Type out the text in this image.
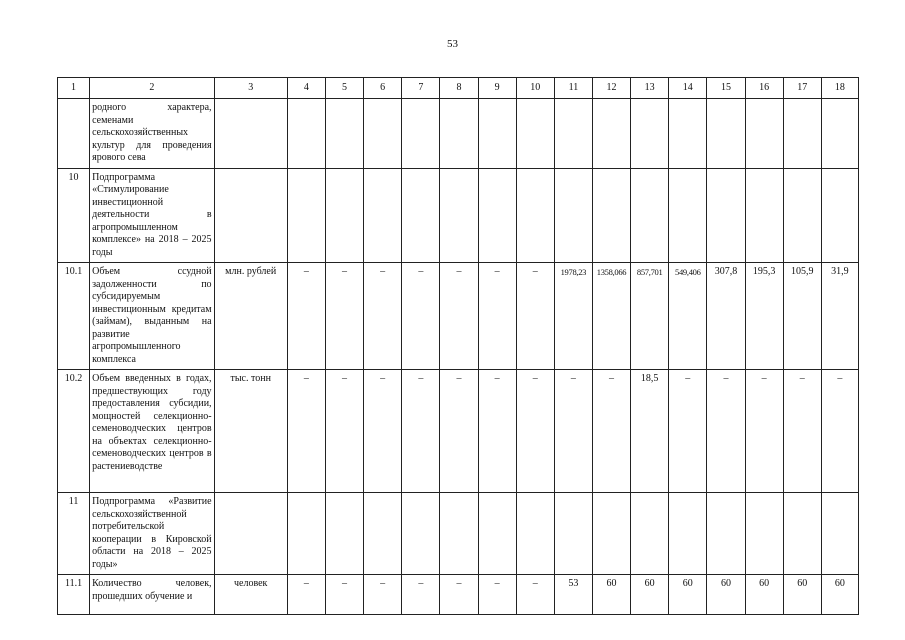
53
1	2	3	4	5	6	7	8	9	10	11	12	13	14	15	16	17	18
	родного характера, семенами сельскохозяйственных культур для проведения ярового сева																
10	Подпрограмма «Стимулирование инвестиционной деятельности в агропромышленном комплексе» на 2018 – 2025 годы																
10.1	Объем ссудной задолженности по субсидируемым инвестиционным кредитам (займам), выданным на развитие агропромышленного комплекса	млн. рублей	–	–	–	–	–	–	–	1978,23	1358,066	857,701	549,406	307,8	195,3	105,9	31,9
10.2	Объем введенных в годах, предшествующих году предоставления субсидии, мощностей селекционно-семеноводческих центров на объектах селекционно-семеноводческих центров в растениеводстве	тыс. тонн	–	–	–	–	–	–	–	–	–	18,5	–	–	–	–	–
11	Подпрограмма «Развитие сельскохозяйственной потребительской кооперации в Кировской области на 2018 – 2025 годы»																
11.1	Количество человек, прошедших обучение и	человек	–	–	–	–	–	–	–	53	60	60	60	60	60	60	60
